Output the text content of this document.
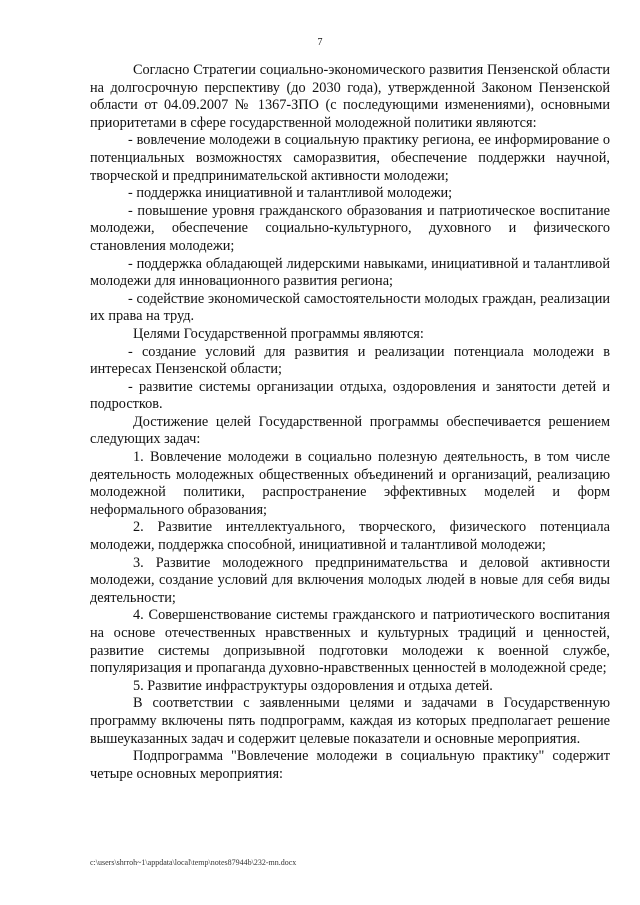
7

Согласно Стратегии социально-экономического развития Пензенской области на долгосрочную перспективу (до 2030 года), утвержденной Законом Пензенской области от 04.09.2007 № 1367-ЗПО (с последующими изменениями), основными приоритетами в сфере государственной молодежной политики являются:

- вовлечение молодежи в социальную практику региона, ее информирование о потенциальных возможностях саморазвития, обеспечение поддержки научной, творческой и предпринимательской активности молодежи;

- поддержка инициативной и талантливой молодежи;

- повышение уровня гражданского образования и патриотическое воспитание молодежи, обеспечение социально-культурного, духовного и физического становления молодежи;

- поддержка обладающей лидерскими навыками, инициативной и талантливой молодежи для инновационного развития региона;

- содействие экономической самостоятельности молодых граждан, реализации их права на труд.

Целями Государственной программы являются:

- создание условий для развития и реализации потенциала молодежи в интересах Пензенской области;

- развитие системы организации отдыха, оздоровления и занятости детей и подростков.

Достижение целей Государственной программы обеспечивается решением следующих задач:

1. Вовлечение молодежи в социально полезную деятельность, в том числе деятельность молодежных общественных объединений и организаций, реализацию молодежной политики, распространение эффективных моделей и форм неформального образования;

2. Развитие интеллектуального, творческого, физического потенциала молодежи, поддержка способной, инициативной и талантливой молодежи;

3. Развитие молодежного предпринимательства и деловой активности молодежи, создание условий для включения молодых людей в новые для себя виды деятельности;

4. Совершенствование системы гражданского и патриотического воспитания на основе отечественных нравственных и культурных традиций и ценностей, развитие системы допризывной подготовки молодежи к военной службе, популяризация и пропаганда духовно-нравственных ценностей в молодежной среде;

5. Развитие инфраструктуры оздоровления и отдыха детей.

В соответствии с заявленными целями и задачами в Государственную программу включены пять подпрограмм, каждая из которых предполагает решение вышеуказанных задач и содержит целевые показатели и основные мероприятия.

Подпрограмма "Вовлечение молодежи в социальную практику" содержит четыре основных мероприятия:

c:\users\shrroh~1\appdata\local\temp\notes87944b\232-mn.docx
